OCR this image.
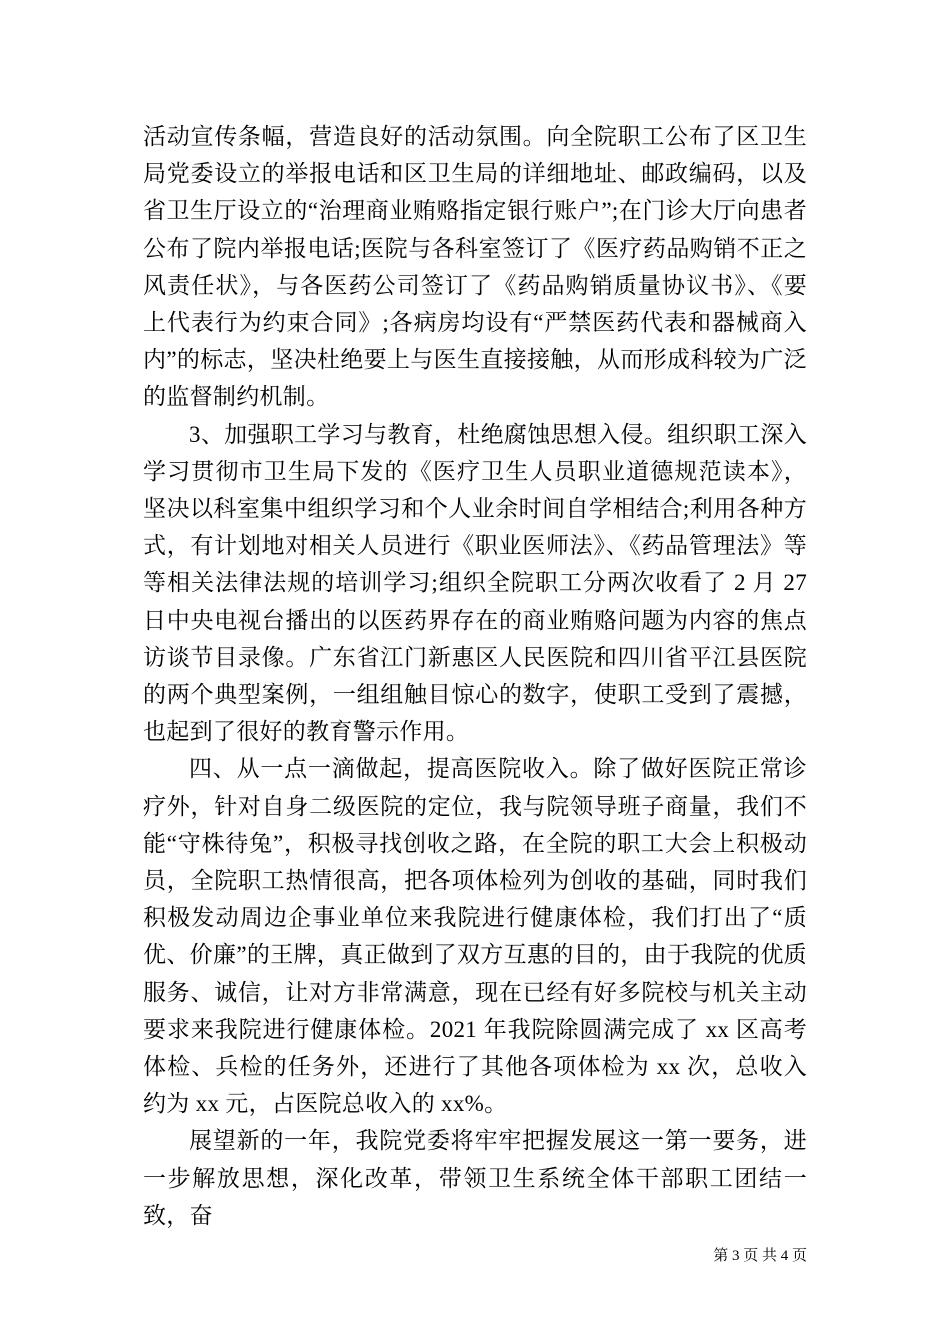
活动宣传条幅，营造良好的活动氛围。向全院职工公布了区卫生局党委设立的举报电话和区卫生局的详细地址、邮政编码，以及省卫生厅设立的“治理商业贿赂指定银行账户”;在门诊大厅向患者公布了院内举报电话;医院与各科室签订了《医疗药品购销不正之风责任状》，与各医药公司签订了《药品购销质量协议书》、《要上代表行为约束合同》;各病房均设有“严禁医药代表和器械商入内”的标志，坚决杜绝要上与医生直接接触，从而形成科较为广泛的监督制约机制。

3、加强职工学习与教育，杜绝腐蚀思想入侵。组织职工深入学习贯彻市卫生局下发的《医疗卫生人员职业道德规范读本》，坚决以科室集中组织学习和个人业余时间自学相结合;利用各种方式，有计划地对相关人员进行《职业医师法》、《药品管理法》等等相关法律法规的培训学习;组织全院职工分两次收看了 2 月 27 日中央电视台播出的以医药界存在的商业贿赂问题为内容的焦点访谈节目录像。广东省江门新惠区人民医院和四川省平江县医院的两个典型案例，一组组触目惊心的数字，使职工受到了震撼，也起到了很好的教育警示作用。

四、从一点一滴做起，提高医院收入。除了做好医院正常诊疗外，针对自身二级医院的定位，我与院领导班子商量，我们不能“守株待兔”，积极寻找创收之路，在全院的职工大会上积极动员，全院职工热情很高，把各项体检列为创收的基础，同时我们积极发动周边企事业单位来我院进行健康体检，我们打出了“质优、价廉”的王牌，真正做到了双方互惠的目的，由于我院的优质服务、诚信，让对方非常满意，现在已经有好多院校与机关主动要求来我院进行健康体检。2021 年我院除圆满完成了 xx 区高考体检、兵检的任务外，还进行了其他各项体检为 xx 次，总收入约为 xx 元，占医院总收入的 xx%。

展望新的一年，我院党委将牢牢把握发展这一第一要务，进一步解放思想，深化改革，带领卫生系统全体干部职工团结一致，奋

第 3 页 共 4 页
